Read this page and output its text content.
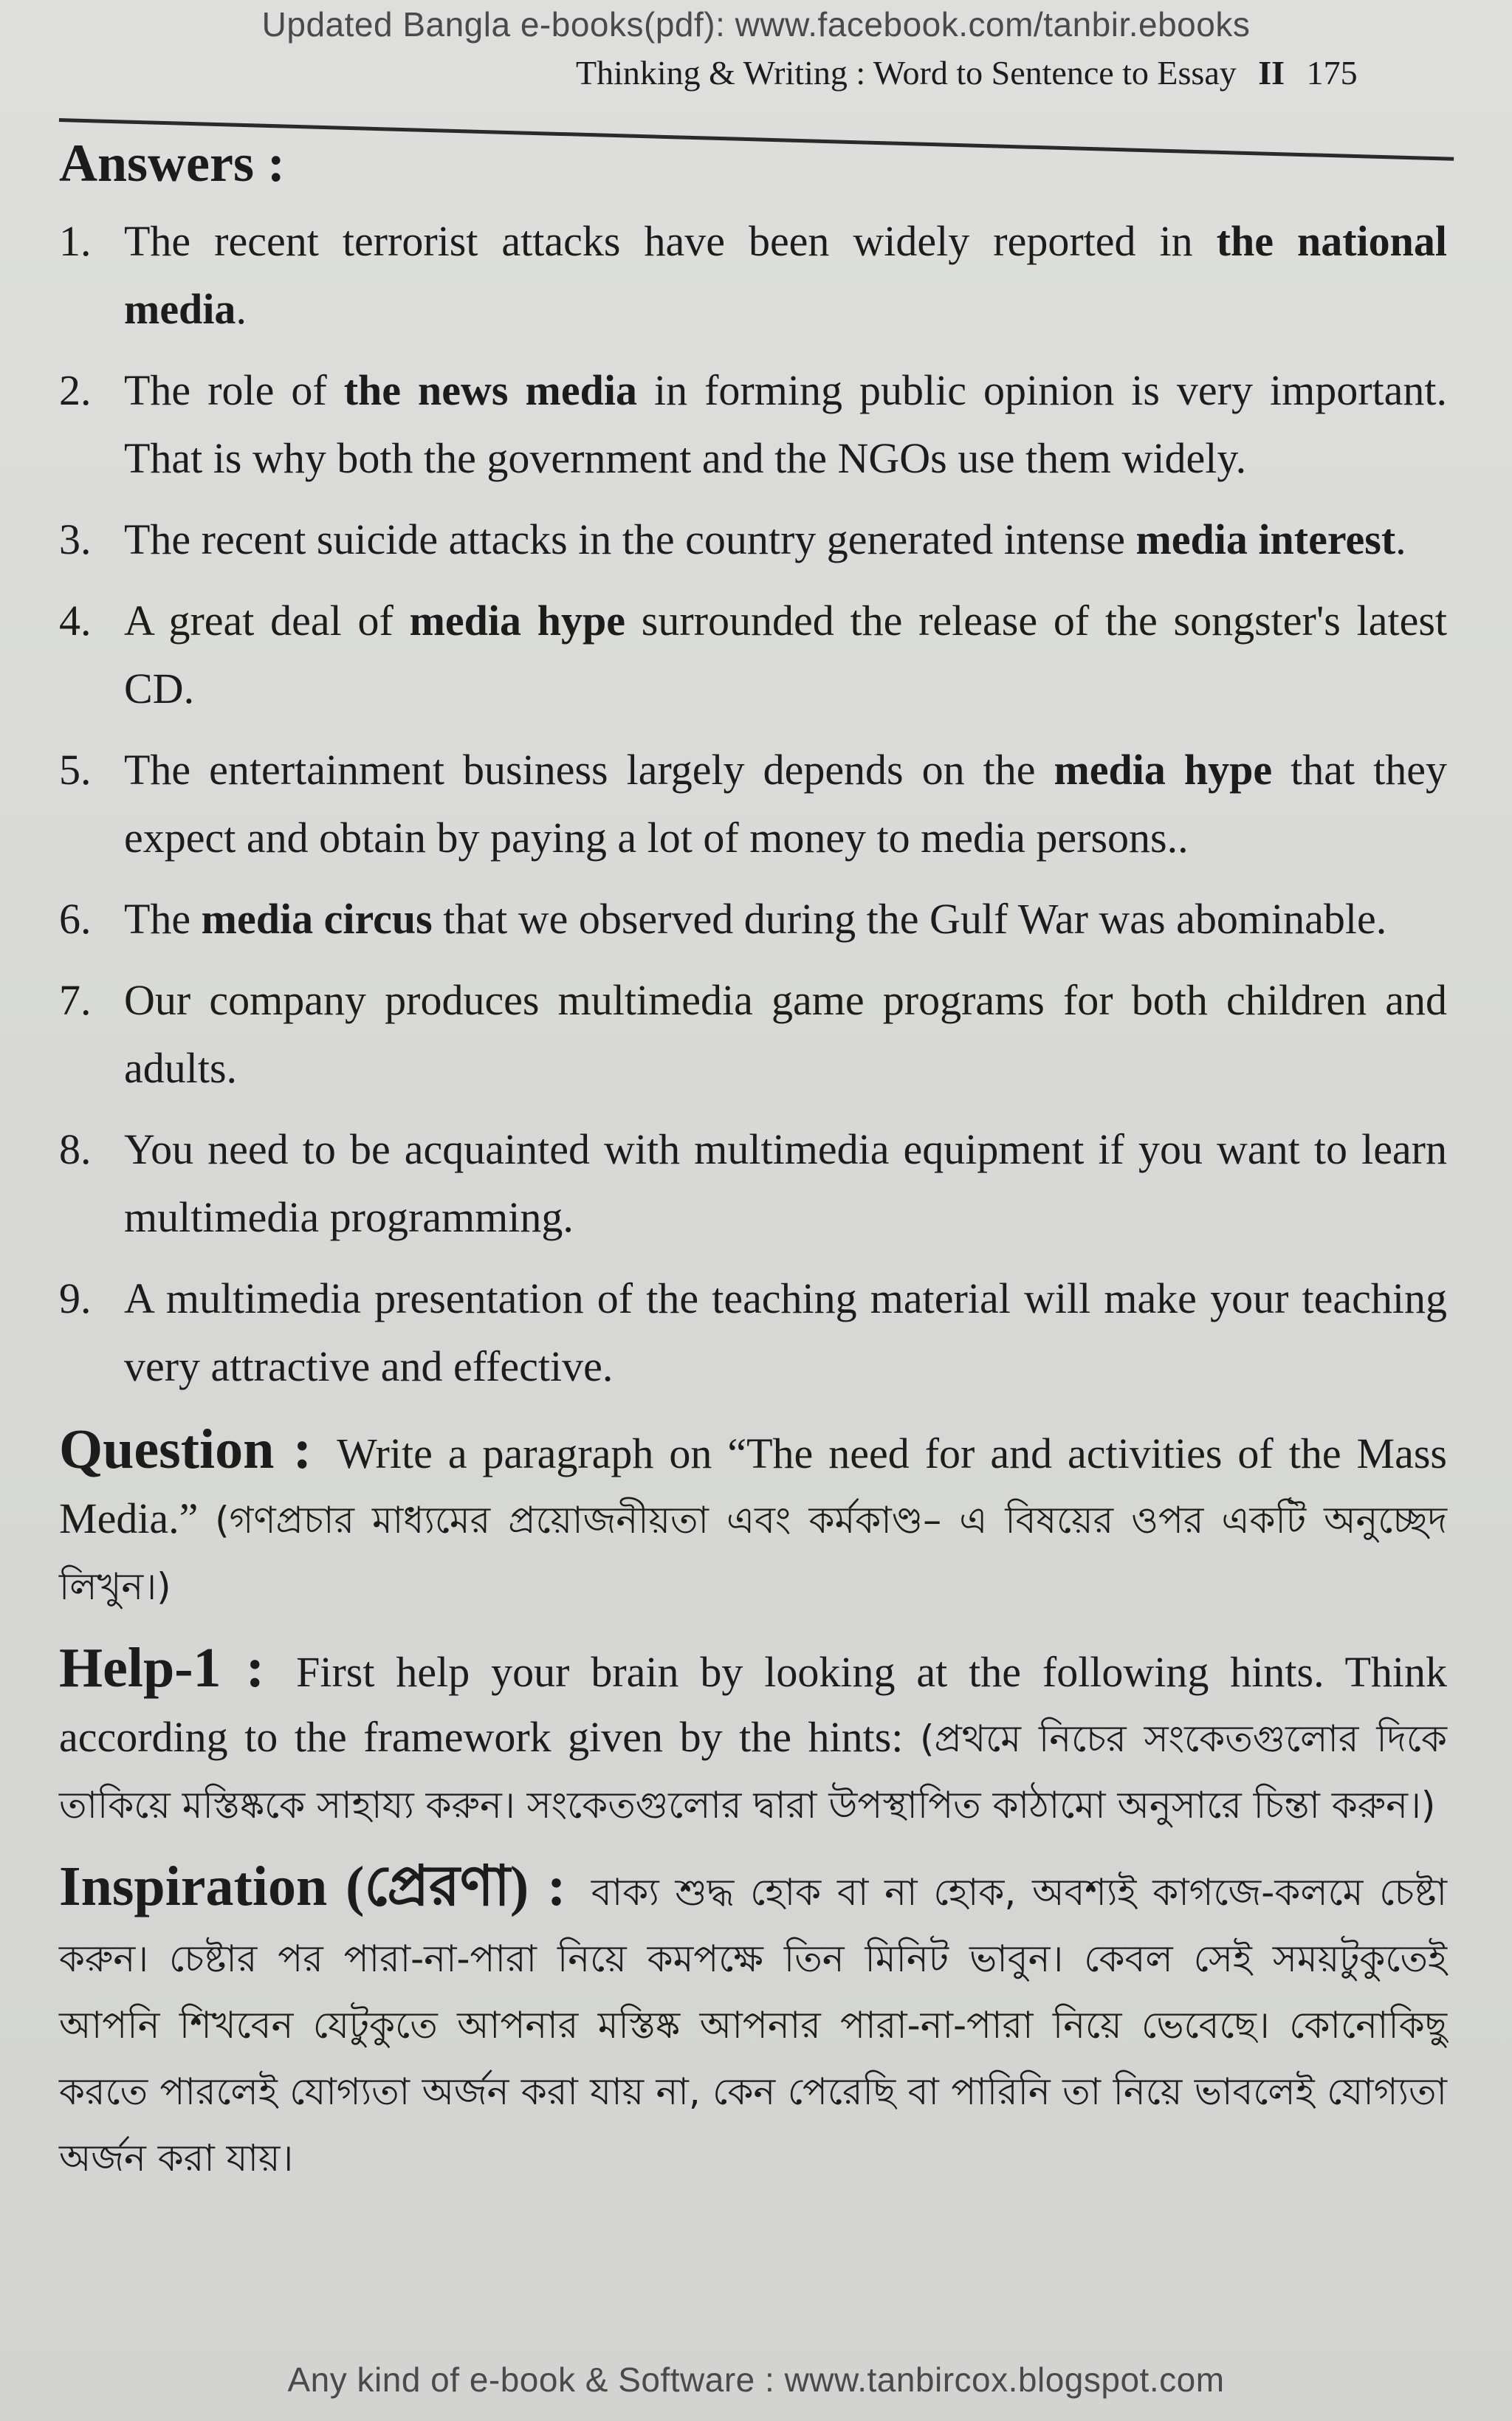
Updated Bangla e-books(pdf): www.facebook.com/tanbir.ebooks
Thinking & Writing : Word to Sentence to Essay II 175
Answers :
1. The recent terrorist attacks have been widely reported in the national media.
2. The role of the news media in forming public opinion is very important. That is why both the government and the NGOs use them widely.
3. The recent suicide attacks in the country generated intense media interest.
4. A great deal of media hype surrounded the release of the songster's latest CD.
5. The entertainment business largely depends on the media hype that they expect and obtain by paying a lot of money to media persons..
6. The media circus that we observed during the Gulf War was abominable.
7. Our company produces multimedia game programs for both children and adults.
8. You need to be acquainted with multimedia equipment if you want to learn multimedia programming.
9. A multimedia presentation of the teaching material will make your teaching very attractive and effective.
Question : Write a paragraph on “The need for and activities of the Mass Media.” (গণপ্রচার মাধ্যমের প্রয়োজনীয়তা এবং কর্মকাণ্ড– এ বিষয়ের ওপর একটি অনুচ্ছেদ লিখুন।)
Help-1 : First help your brain by looking at the following hints. Think according to the framework given by the hints: (প্রথমে নিচের সংকেতগুলোর দিকে তাকিয়ে মস্তিষ্ককে সাহায্য করুন। সংকেতগুলোর দ্বারা উপস্থাপিত কাঠামো অনুসারে চিন্তা করুন।)
Inspiration (প্রেরণা) : বাক্য শুদ্ধ হোক বা না হোক, অবশ্যই কাগজে-কলমে চেষ্টা করুন। চেষ্টার পর পারা-না-পারা নিয়ে কমপক্ষে তিন মিনিট ভাবুন। কেবল সেই সময়টুকুতেই আপনি শিখবেন যেটুকুতে আপনার মস্তিষ্ক আপনার পারা-না-পারা নিয়ে ভেবেছে। কোনোকিছু করতে পারলেই যোগ্যতা অর্জন করা যায় না, কেন পেরেছি বা পারিনি তা নিয়ে ভাবলেই যোগ্যতা অর্জন করা যায়।
Any kind of e-book & Software : www.tanbircox.blogspot.com
